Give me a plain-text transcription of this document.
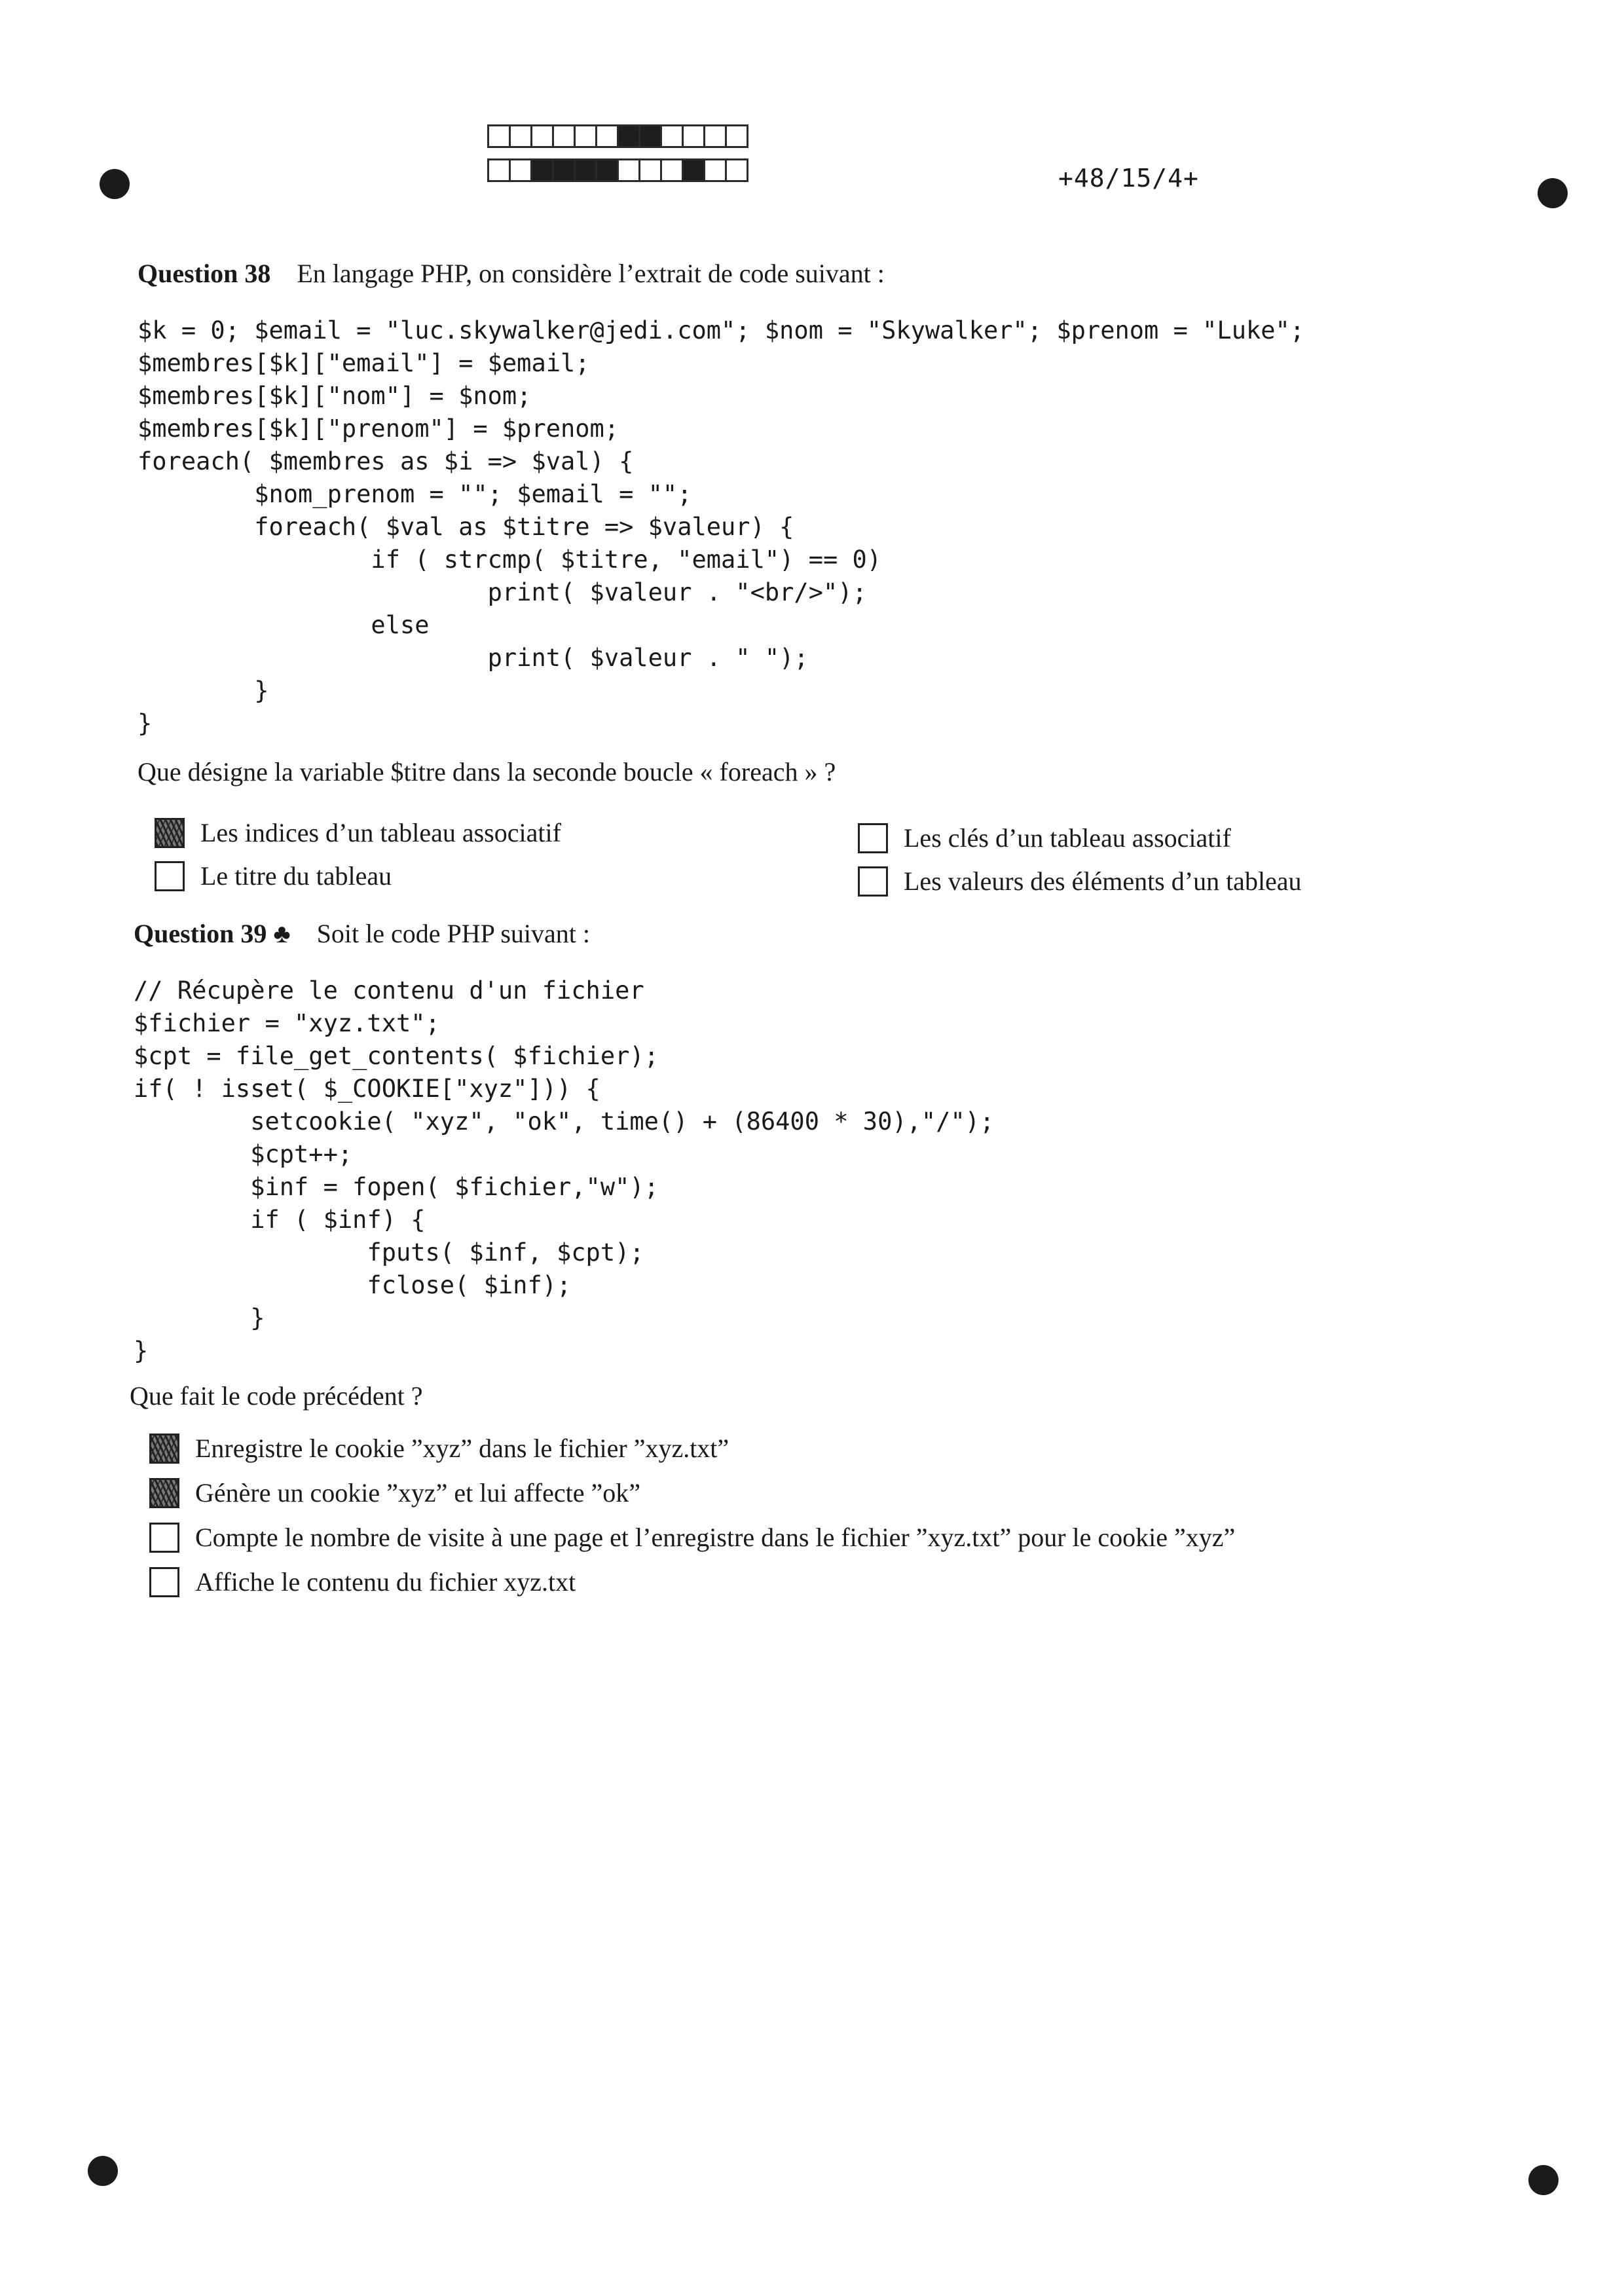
+48/15/4+
Question 38 En langage PHP, on considère l’extrait de code suivant :
$k = 0; $email = "luc.skywalker@jedi.com"; $nom = "Skywalker"; $prenom = "Luke";
$membres[$k]["email"] = $email;
$membres[$k]["nom"] = $nom;
$membres[$k]["prenom"] = $prenom;
foreach( $membres as $i => $val) {
$nom_prenom = ""; $email = "";
foreach( $val as $titre => $valeur) {
if ( strcmp( $titre, "email") == 0)
print( $valeur . "<br/>");
else
print( $valeur . " ");
}
}
Que désigne la variable $titre dans la seconde boucle « foreach » ?
Les indices d’un tableau associatif
Le titre du tableau
Les clés d’un tableau associatif
Les valeurs des éléments d’un tableau
Question 39 ♣ Soit le code PHP suivant :
// Récupère le contenu d'un fichier
$fichier = "xyz.txt";
$cpt = file_get_contents( $fichier);
if( ! isset( $_COOKIE["xyz"])) {
setcookie( "xyz", "ok", time() + (86400 * 30),"/");
$cpt++;
$inf = fopen( $fichier,"w");
if ( $inf) {
fputs( $inf, $cpt);
fclose( $inf);
}
}
Que fait le code précédent ?
Enregistre le cookie ”xyz” dans le fichier ”xyz.txt”
Génère un cookie ”xyz” et lui affecte ”ok”
Compte le nombre de visite à une page et l’enregistre dans le fichier ”xyz.txt” pour le cookie ”xyz”
Affiche le contenu du fichier xyz.txt
